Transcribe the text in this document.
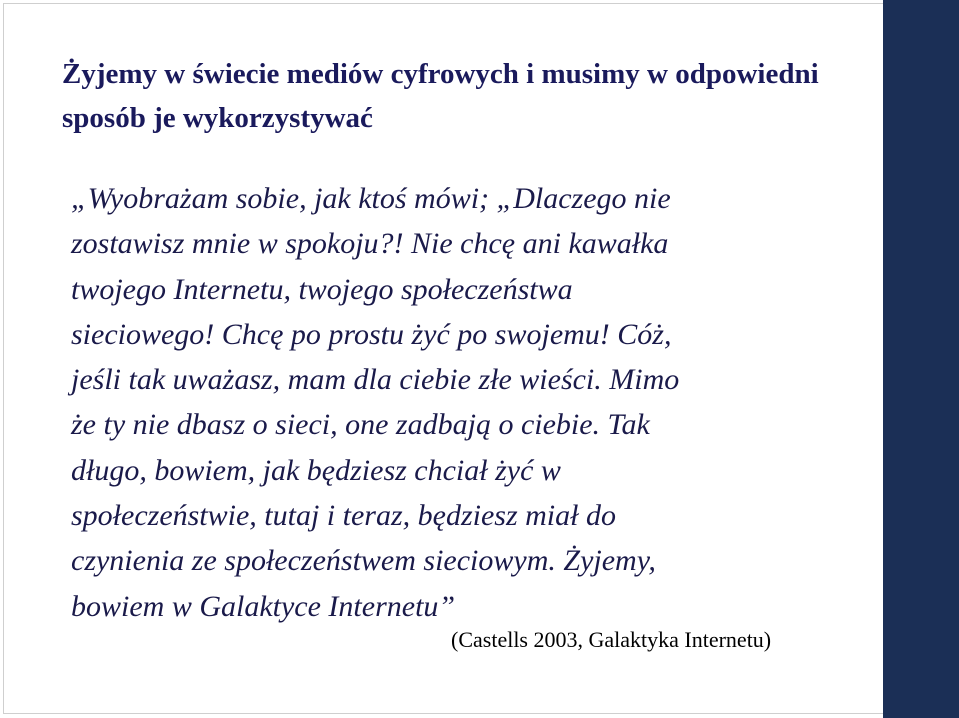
Żyjemy w świecie mediów cyfrowych i musimy w odpowiedni sposób je wykorzystywać

„Wyobrażam sobie, jak ktoś mówi; „Dlaczego nie
zostawisz mnie w spokoju?! Nie chcę ani kawałka
twojego Internetu, twojego społeczeństwa
sieciowego! Chcę po prostu żyć po swojemu! Cóż,
jeśli tak uważasz, mam dla ciebie złe wieści. Mimo
że ty nie dbasz o sieci, one zadbają o ciebie. Tak
długo, bowiem, jak będziesz chciał żyć w
społeczeństwie, tutaj i teraz, będziesz miał do
czynienia ze społeczeństwem sieciowym. Żyjemy,
bowiem w Galaktyce Internetu”

(Castells 2003, Galaktyka Internetu)
